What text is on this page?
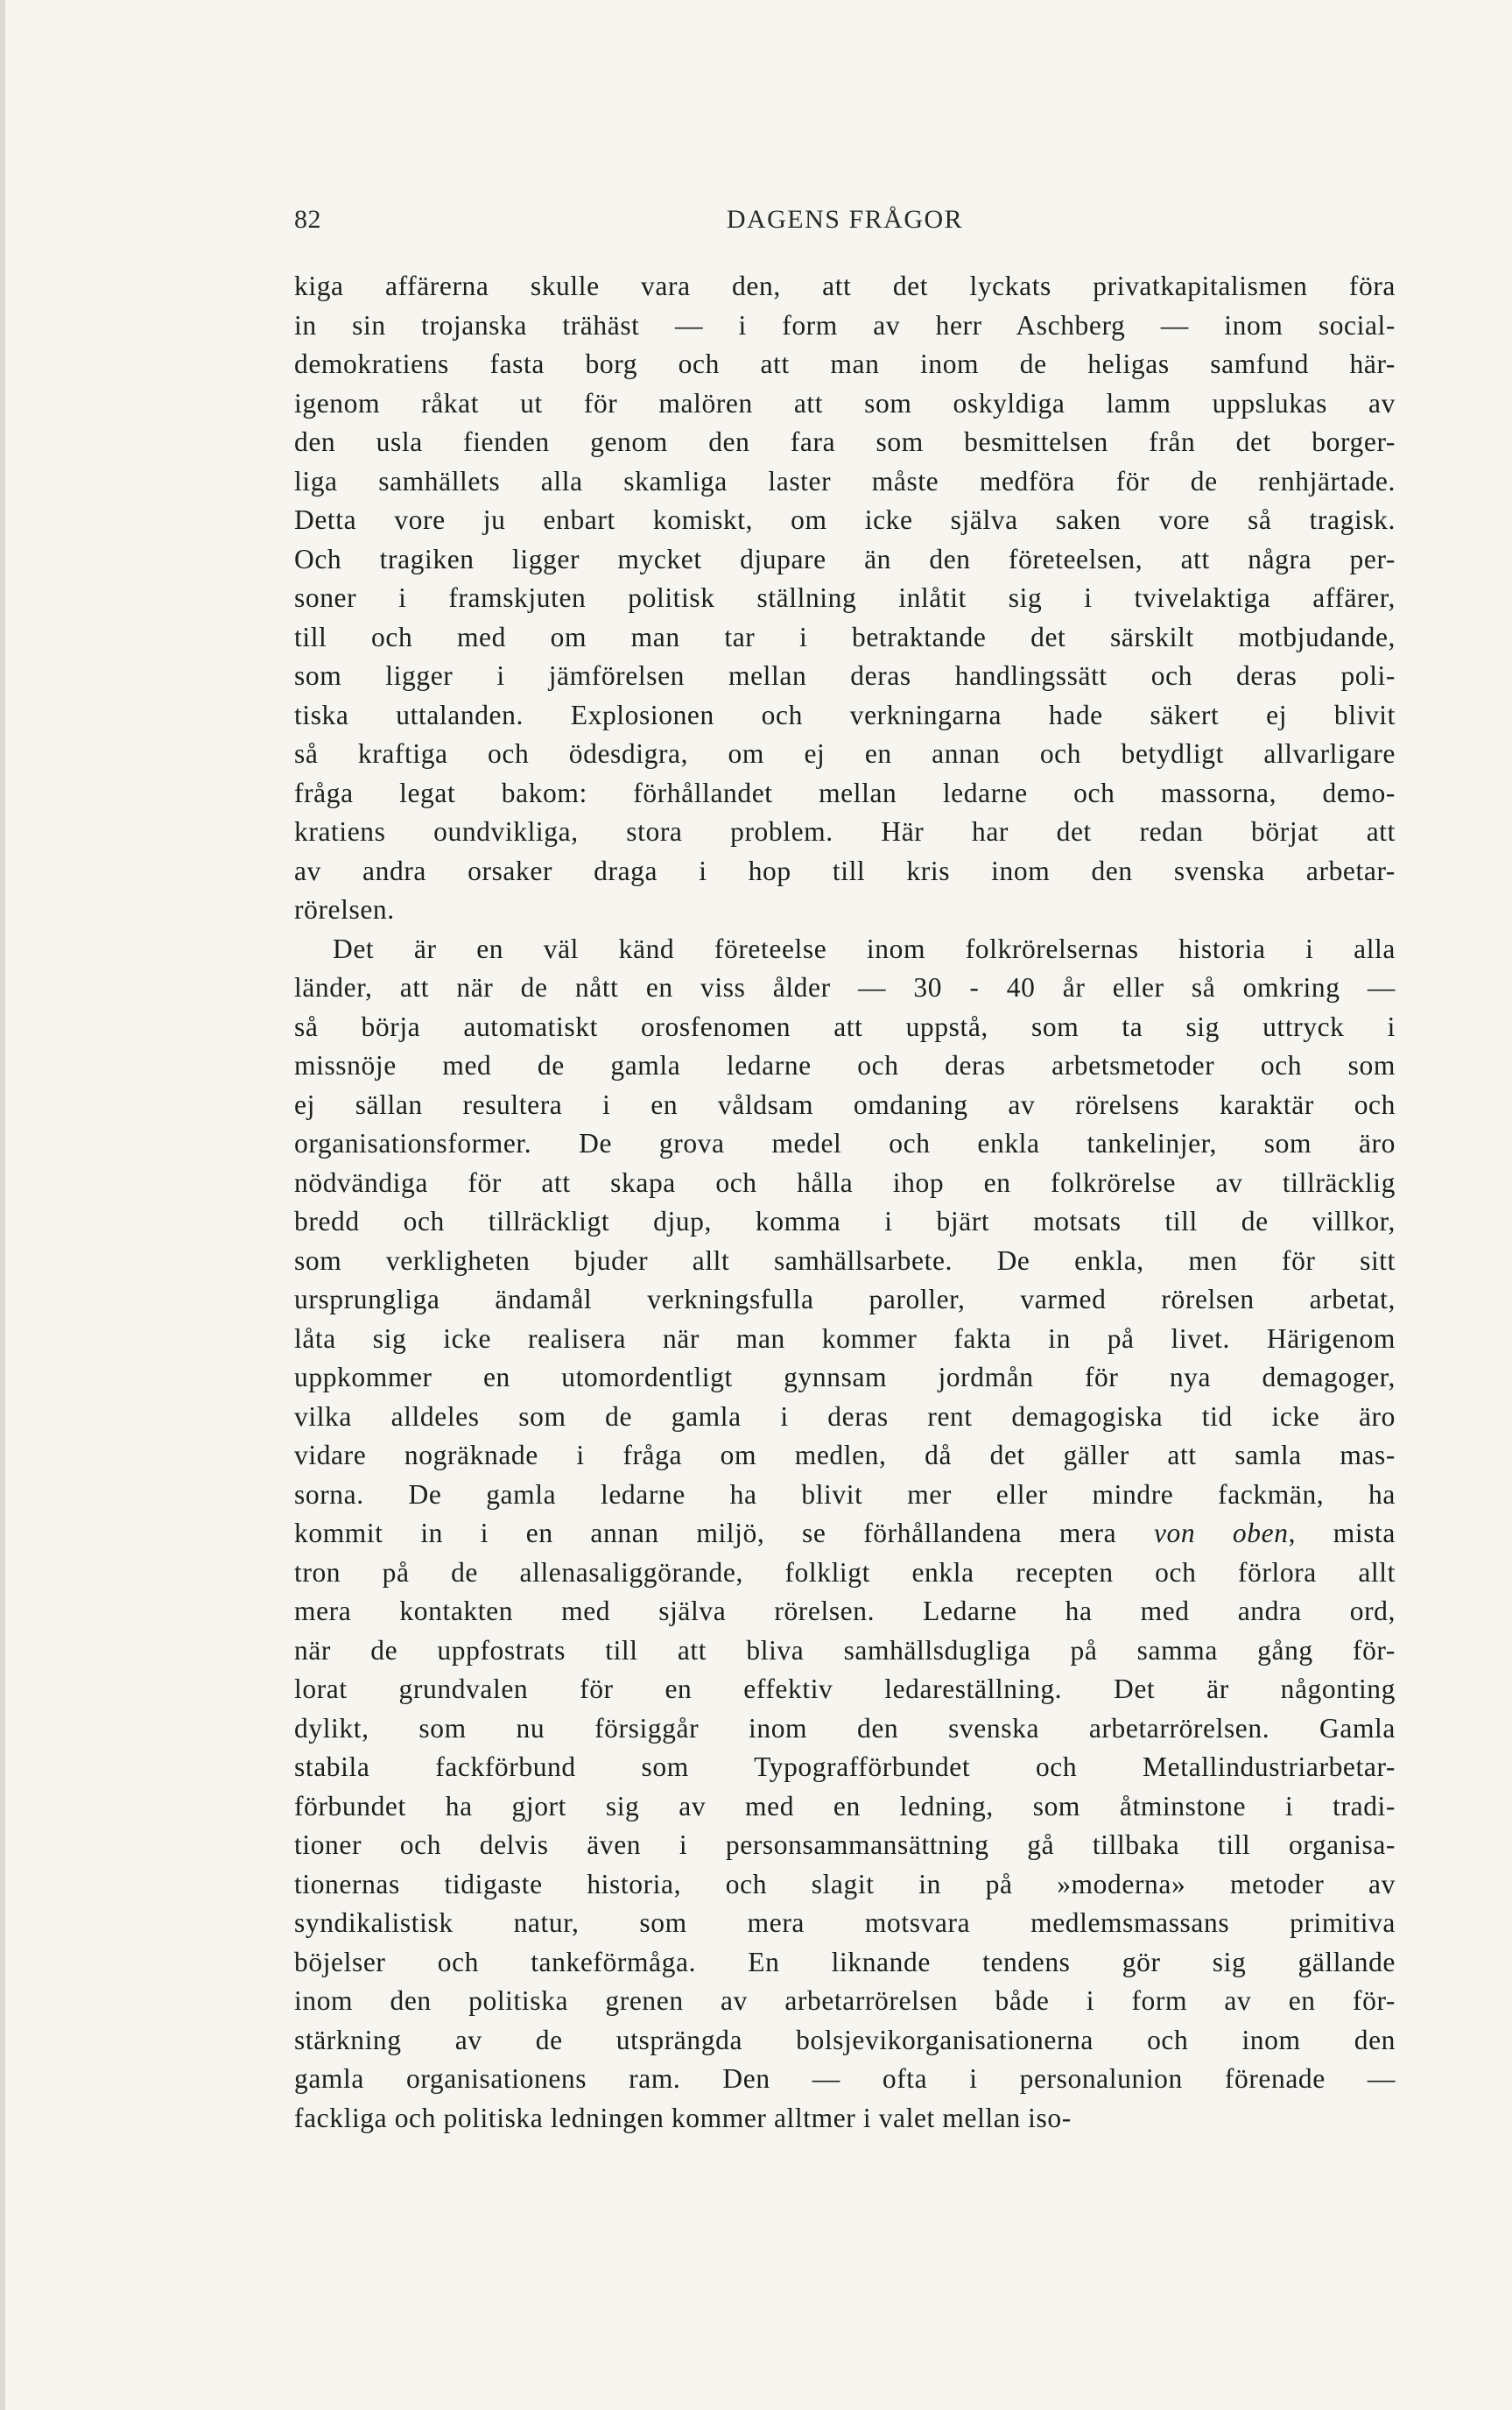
82	DAGENS FRÅGOR
kiga affärerna skulle vara den, att det lyckats privatkapitalismen föra
in sin trojanska trähäst — i form av herr Aschberg — inom social-
demokratiens fasta borg och att man inom de heligas samfund här-
igenom råkat ut för malören att som oskyldiga lamm uppslukas av
den usla fienden genom den fara som besmittelsen från det borger-
liga samhällets alla skamliga laster måste medföra för de renhjärtade.
Detta vore ju enbart komiskt, om icke själva saken vore så tragisk.
Och tragiken ligger mycket djupare än den företeelsen, att några per-
soner i framskjuten politisk ställning inlåtit sig i tvivelaktiga affärer,
till och med om man tar i betraktande det särskilt motbjudande,
som ligger i jämförelsen mellan deras handlingssätt och deras poli-
tiska uttalanden. Explosionen och verkningarna hade säkert ej blivit
så kraftiga och ödesdigra, om ej en annan och betydligt allvarligare
fråga legat bakom: förhållandet mellan ledarne och massorna, demo-
kratiens oundvikliga, stora problem. Här har det redan börjat att
av andra orsaker draga i hop till kris inom den svenska arbetar-
rörelsen.
Det är en väl känd företeelse inom folkrörelsernas historia i alla
länder, att när de nått en viss ålder — 30 - 40 år eller så omkring —
så börja automatiskt orosfenomen att uppstå, som ta sig uttryck i
missnöje med de gamla ledarne och deras arbetsmetoder och som
ej sällan resultera i en våldsam omdaning av rörelsens karaktär och
organisationsformer. De grova medel och enkla tankelinjer, som äro
nödvändiga för att skapa och hålla ihop en folkrörelse av tillräcklig
bredd och tillräckligt djup, komma i bjärt motsats till de villkor,
som verkligheten bjuder allt samhällsarbete. De enkla, men för sitt
ursprungliga ändamål verkningsfulla paroller, varmed rörelsen arbetat,
låta sig icke realisera när man kommer fakta in på livet. Härigenom
uppkommer en utomordentligt gynnsam jordmån för nya demagoger,
vilka alldeles som de gamla i deras rent demagogiska tid icke äro
vidare nogräknade i fråga om medlen, då det gäller att samla mas-
sorna. De gamla ledarne ha blivit mer eller mindre fackmän, ha
kommit in i en annan miljö, se förhållandena mera von oben, mista
tron på de allenasaliggörande, folkligt enkla recepten och förlora allt
mera kontakten med själva rörelsen. Ledarne ha med andra ord,
när de uppfostrats till att bliva samhällsdugliga på samma gång för-
lorat grundvalen för en effektiv ledareställning. Det är någonting
dylikt, som nu försiggår inom den svenska arbetarrörelsen. Gamla
stabila fackförbund som Typografförbundet och Metallindustriarbetar-
förbundet ha gjort sig av med en ledning, som åtminstone i tradi-
tioner och delvis även i personsammansättning gå tillbaka till organisa-
tionernas tidigaste historia, och slagit in på »moderna» metoder av
syndikalistisk natur, som mera motsvara medlemsmassans primitiva
böjelser och tankeförmåga. En liknande tendens gör sig gällande
inom den politiska grenen av arbetarrörelsen både i form av en för-
stärkning av de utsprängda bolsjevikorganisationerna och inom den
gamla organisationens ram. Den — ofta i personalunion förenade —
fackliga och politiska ledningen kommer alltmer i valet mellan iso-
